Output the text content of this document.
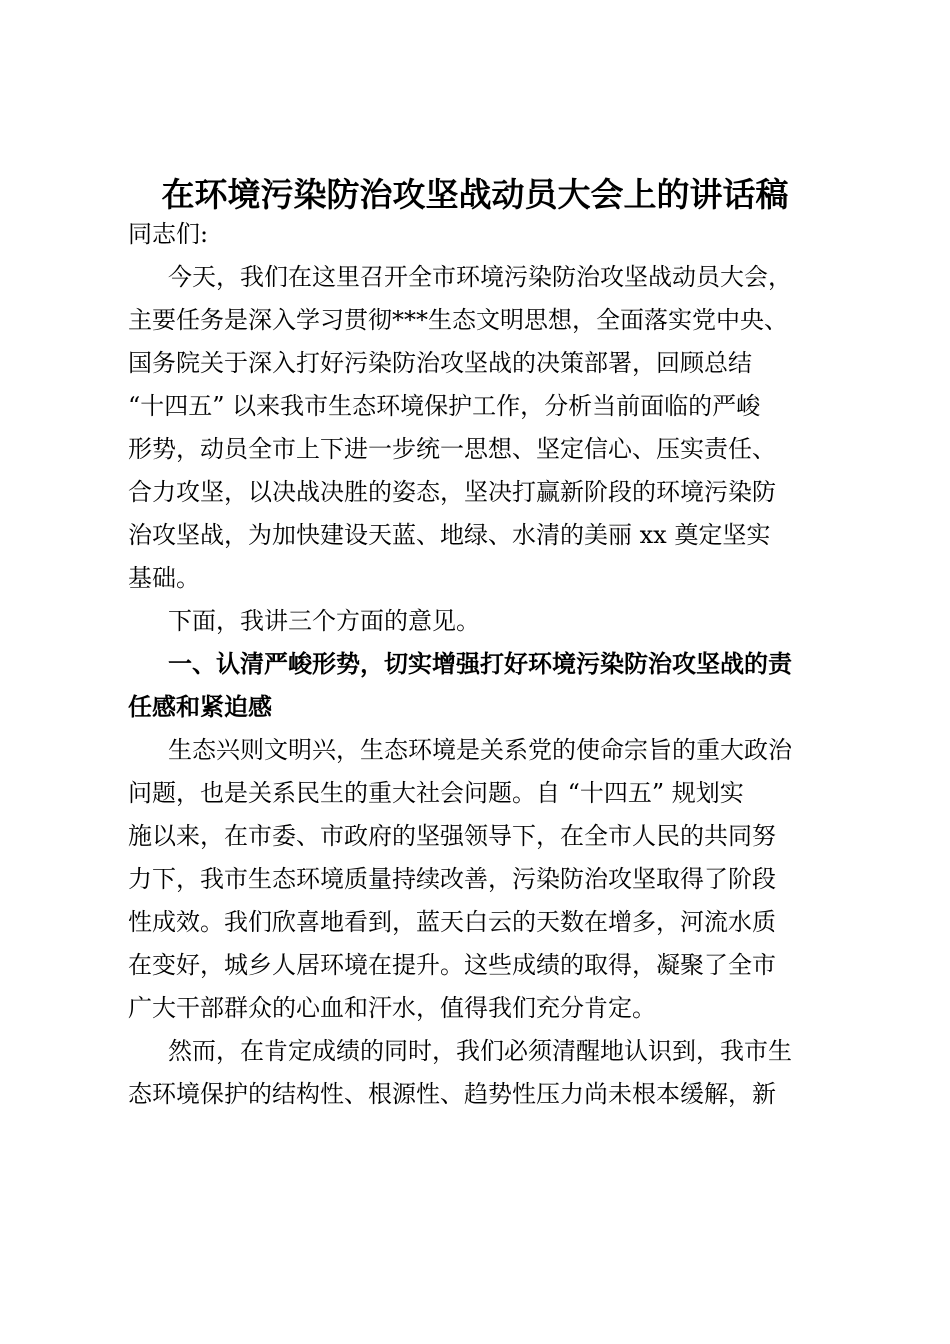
在环境污染防治攻坚战动员大会上的讲话稿
同志们:
今天，我们在这里召开全市环境污染防治攻坚战动员大会，
主要任务是深入学习贯彻***生态文明思想，全面落实党中央、
国务院关于深入打好污染防治攻坚战的决策部署，回顾总结
“十四五” 以来我市生态环境保护工作，分析当前面临的严峻
形势，动员全市上下进一步统一思想、坚定信心、压实责任、
合力攻坚，以决战决胜的姿态，坚决打赢新阶段的环境污染防
治攻坚战，为加快建设天蓝、地绿、水清的美丽 xx 奠定坚实
基础。
下面，我讲三个方面的意见。
一、认清严峻形势，切实增强打好环境污染防治攻坚战的责
任感和紧迫感
生态兴则文明兴，生态环境是关系党的使命宗旨的重大政治
问题，也是关系民生的重大社会问题。自 “十四五” 规划实
施以来，在市委、市政府的坚强领导下，在全市人民的共同努
力下，我市生态环境质量持续改善，污染防治攻坚取得了阶段
性成效。我们欣喜地看到，蓝天白云的天数在增多，河流水质
在变好，城乡人居环境在提升。这些成绩的取得，凝聚了全市
广大干部群众的心血和汗水，值得我们充分肯定。
然而，在肯定成绩的同时，我们必须清醒地认识到，我市生
态环境保护的结构性、根源性、趋势性压力尚未根本缓解，新
